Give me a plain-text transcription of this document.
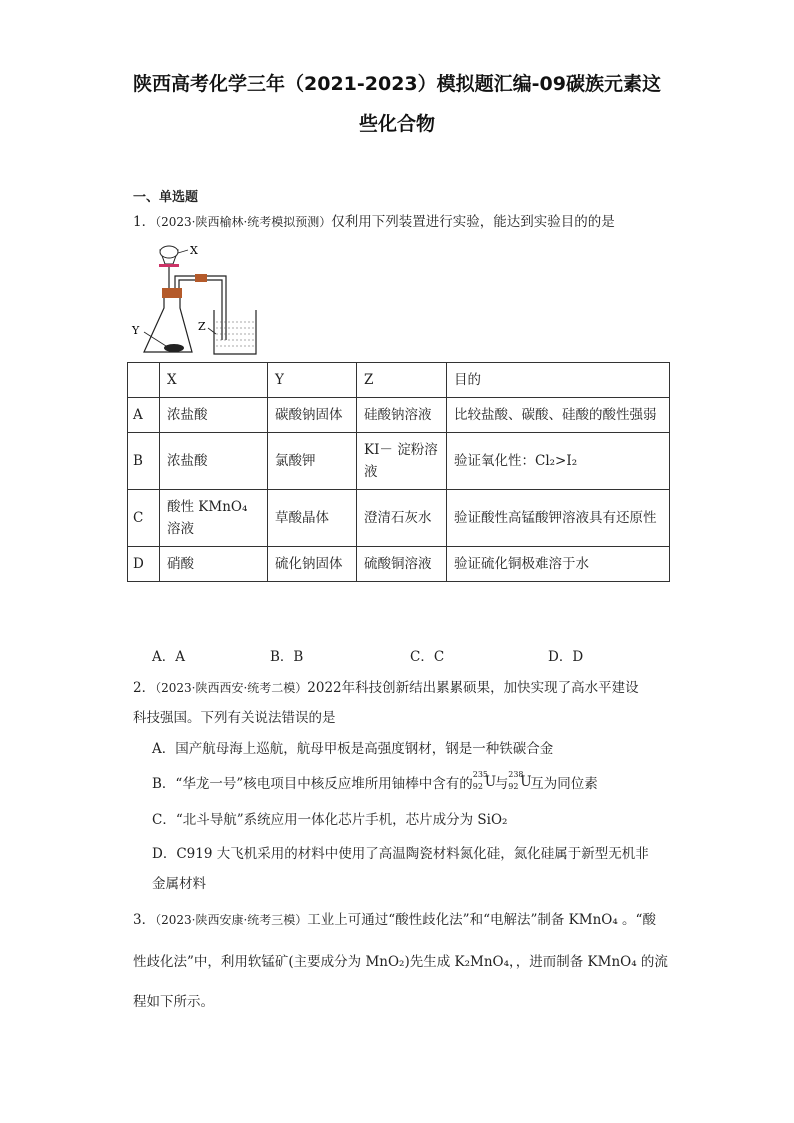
陕西高考化学三年（2021-2023）模拟题汇编-09碳族元素这
些化合物
一、单选题
1．（2023·陕西榆林·统考模拟预测）仅利用下列装置进行实验，能达到实验目的的是
X
Y	Z
	X	Y	Z	目的
A	浓盐酸	碳酸钠固体	硅酸钠溶液	比较盐酸、碳酸、硅酸的酸性强弱
B	浓盐酸	氯酸钾	KI－ 淀粉溶液	验证氧化性：Cl₂>I₂
C	酸性 KMnO₄溶液	草酸晶体	澄清石灰水	验证酸性高锰酸钾溶液具有还原性
D	硝酸	硫化钠固体	硫酸铜溶液	验证硫化铜极难溶于水
A．A	B．B	C．C	D．D
2．（2023·陕西西安·统考二模）2022年科技创新结出累累硕果，加快实现了高水平建设
科技强国。下列有关说法错误的是
A．国产航母海上巡航，航母甲板是高强度钢材，钢是一种铁碳合金
B．“华龙一号”核电项目中核反应堆所用铀棒中含有的
235
92 U
与
238
92 U
互为同位素
C．“北斗导航”系统应用一体化芯片手机，芯片成分为 SiO₂
D．C919 大飞机采用的材料中使用了高温陶瓷材料氮化硅，氮化硅属于新型无机非
金属材料
3．（2023·陕西安康·统考三模）工业上可通过“酸性歧化法”和“电解法”制备 KMnO₄ 。“酸
性歧化法”中，利用软锰矿(主要成分为 MnO₂)先生成 K₂MnO₄，，进而制备 KMnO₄ 的流
程如下所示。
